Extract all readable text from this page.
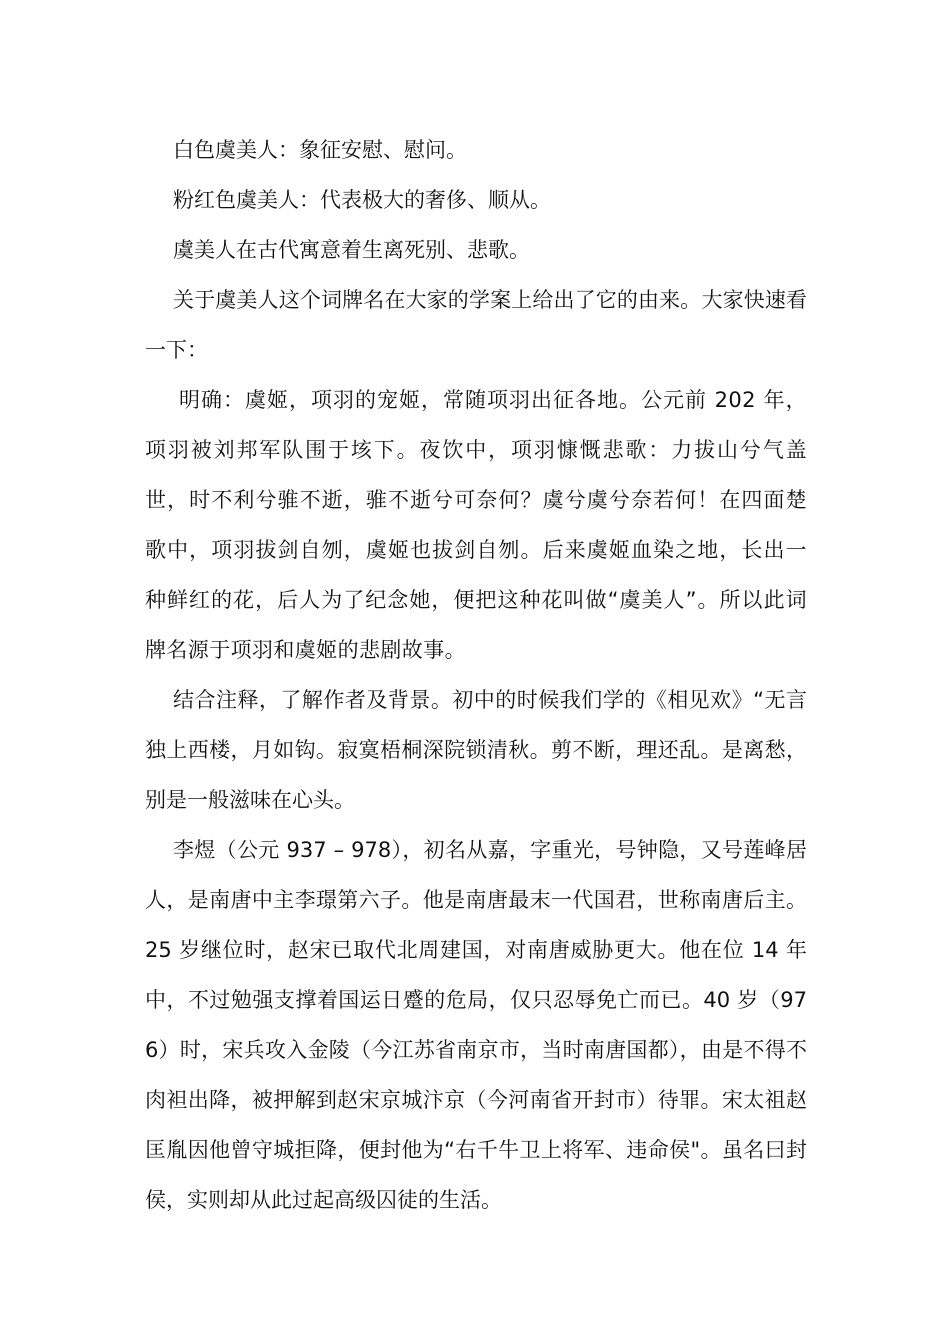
白色虞美人：象征安慰、慰问。

粉红色虞美人：代表极大的奢侈、顺从。

虞美人在古代寓意着生离死别、悲歌。

关于虞美人这个词牌名在大家的学案上给出了它的由来。大家快速看一下：

明确：虞姬，项羽的宠姬，常随项羽出征各地。公元前 202 年，项羽被刘邦军队围于垓下。夜饮中，项羽慷慨悲歌：力拔山兮气盖世，时不利兮骓不逝，骓不逝兮可奈何？虞兮虞兮奈若何！在四面楚歌中，项羽拔剑自刎，虞姬也拔剑自刎。后来虞姬血染之地，长出一种鲜红的花，后人为了纪念她，便把这种花叫做“虞美人”。所以此词牌名源于项羽和虞姬的悲剧故事。

结合注释，了解作者及背景。初中的时候我们学的《相见欢》“无言独上西楼，月如钩。寂寞梧桐深院锁清秋。剪不断，理还乱。是离愁，别是一般滋味在心头。

李煜（公元 937 – 978），初名从嘉，字重光，号钟隐，又号莲峰居人，是南唐中主李璟第六子。他是南唐最末一代国君，世称南唐后主。25 岁继位时，赵宋已取代北周建国，对南唐威胁更大。他在位 14 年中，不过勉强支撑着国运日蹙的危局，仅只忍辱免亡而已。40 岁（976）时，宋兵攻入金陵（今江苏省南京市，当时南唐国都），由是不得不肉袒出降，被押解到赵宋京城汴京（今河南省开封市）待罪。宋太祖赵匡胤因他曾守城拒降，便封他为“右千牛卫上将军、违命侯"。虽名曰封侯，实则却从此过起高级囚徒的生活。
